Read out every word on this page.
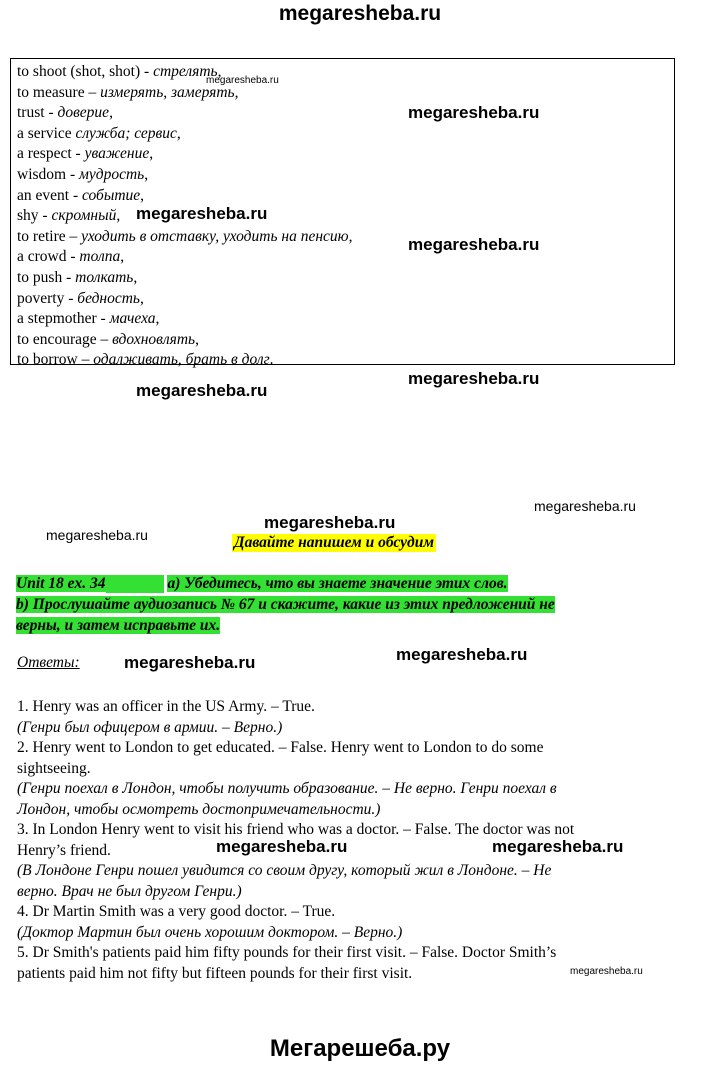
megaresheba.ru
megaresheba.ru
megaresheba.ru
megaresheba.ru
megaresheba.ru
megaresheba.ru
megaresheba.ru
megaresheba.ru
megaresheba.ru
megaresheba.ru
megaresheba.ru	megaresheba.ru
megaresheba.ru	megaresheba.ru
megaresheba.ru
to shoot (shot, shot) - стрелять,
to measure – измерять, замерять,
trust - доверие,
a service служба; сервис,
a respect - уважение,
wisdom - мудрость,
an event - событие,
shy - скромный,
to retire – уходить в отставку, уходить на пенсию,
a crowd - толпа,
to push - толкать,
poverty - бедность,
a stepmother - мачеха,
to encourage – вдохновлять,
to borrow – одалживать, брать в долг.
Давайте напишем и обсудим
Unit 18 ex. 34	a) Убедитесь, что вы знаете значение этих слов.
b) Прослушайте аудиозапись № 67 и скажите, какие из этих предложений не
верны, и затем исправьте их.
Ответы:

1. Henry was an officer in the US Army. – True.

(Генри был офицером в армии. – Верно.)

2. Henry went to London to get educated. – False. Henry went to London to do some

sightseeing.

(Генри поехал в Лондон, чтобы получить образование. – Не верно. Генри поехал в

Лондон, чтобы осмотреть достопримечательности.)

3. In London Henry went to visit his friend who was a doctor. – False. The doctor was not

Henry’s friend.

(В Лондоне Генри пошел увидится со своим другу, который жил в Лондоне. – Не

верно. Врач не был другом Генри.)

4. Dr Martin Smith was a very good doctor. – True.

(Доктор Мартин был очень хорошим доктором. – Верно.)

5. Dr Smith's patients paid him fifty pounds for their first visit. – False. Doctor Smith’s

patients paid him not fifty but fifteen pounds for their first visit.

Мегарешеба.ру
